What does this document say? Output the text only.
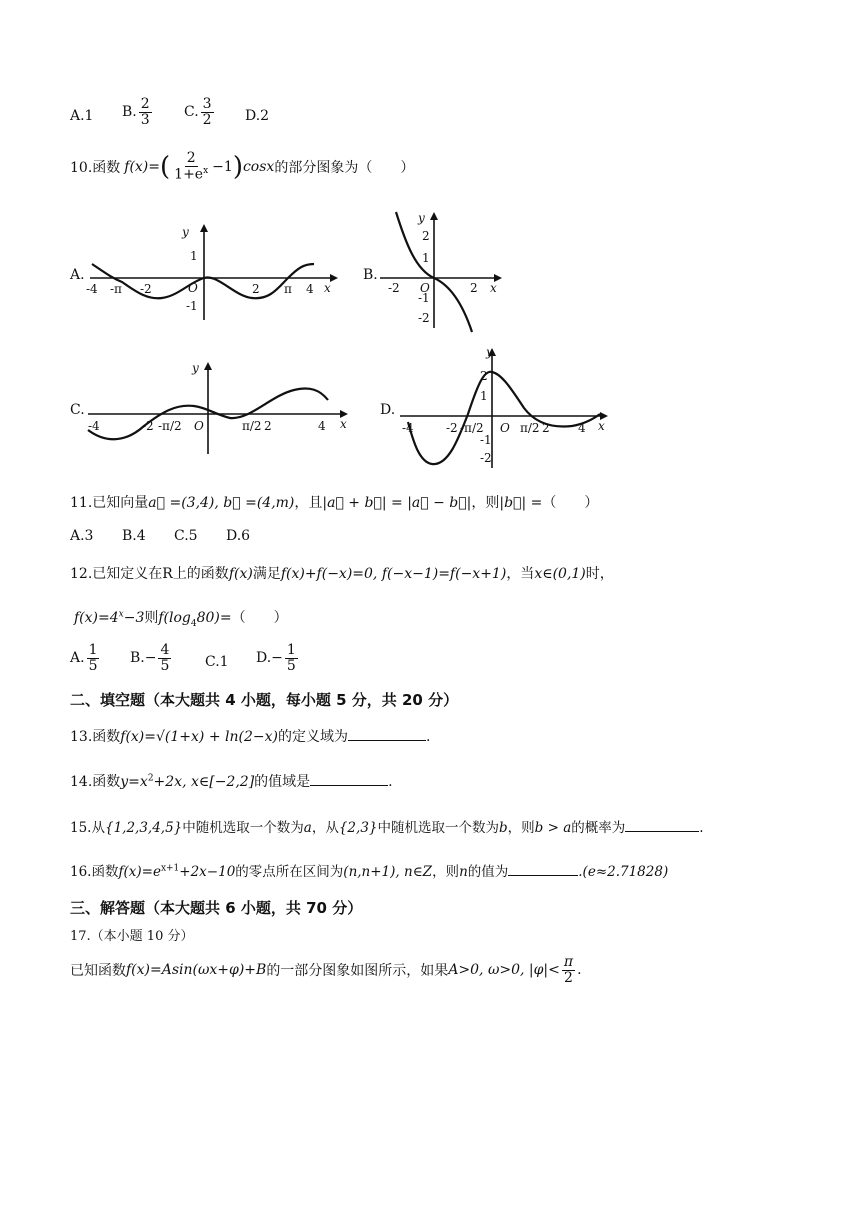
A.1 B. $\frac{2}{3} C$. $\frac{3}{2} D.2$
10.函数 f(x)= ( $\frac{2}{1+e^x} -1$ ) cosx 的部分图象为（　　）
A.
y
x
O
-4 -π -2	2 π 4
1
-1
B.
y
x
O
-2	2
2
1
-1
-2
C.
y
x
O
-4	-2 -π/2	π/2 2	4
D.
y
x
O
-4	-2 -π/2	π/2 2 4
2
1
-1
-2
11.已知向量a⃗ =(3,4), b⃗ =(4,m)，且|a⃗ + b⃗| = |a⃗ − b⃗|，则|b⃗| =（　　）
A.3 B.4 C.5 D.6
12.已知定义在R上的函数f(x)满足f(x)+f(−x)=0, f(−x−1)=f(−x+1)，当x∈(0,1)时，
$f(x)=4^x-3$则$f(\log_480)=$（　　）
A. $\frac{1}{5} B.- \frac{4}{5} C.1$ $D.- \frac{1}{5}$
二、填空题（本大题共 4 小题，每小题 5 分，共 20 分）
13.函数f(x)=√(1+x) + ln(2−x)的定义域为	.
14.函数$y=x^2+2x$, x∈[−2,2]的值域是	.
15.从{1,2,3,4,5}中随机选取一个数为a，从{2,3}中随机选取一个数为b，则b > a的概率为	.
16.函数$f(x)=e^{x+1}+2x-10$的零点所在区间为(n,n+1), n∈Z，则n的值为	.(e≈2.71828)
三、解答题（本大题共 6 小题，共 70 分）
17.（本小题 10 分）
已知函数 f(x)=Asin(ωx+φ)+B 的一部分图象如图所示，如果 A>0, ω>0, $|\varphi|< \frac{\pi}{2}$ .
